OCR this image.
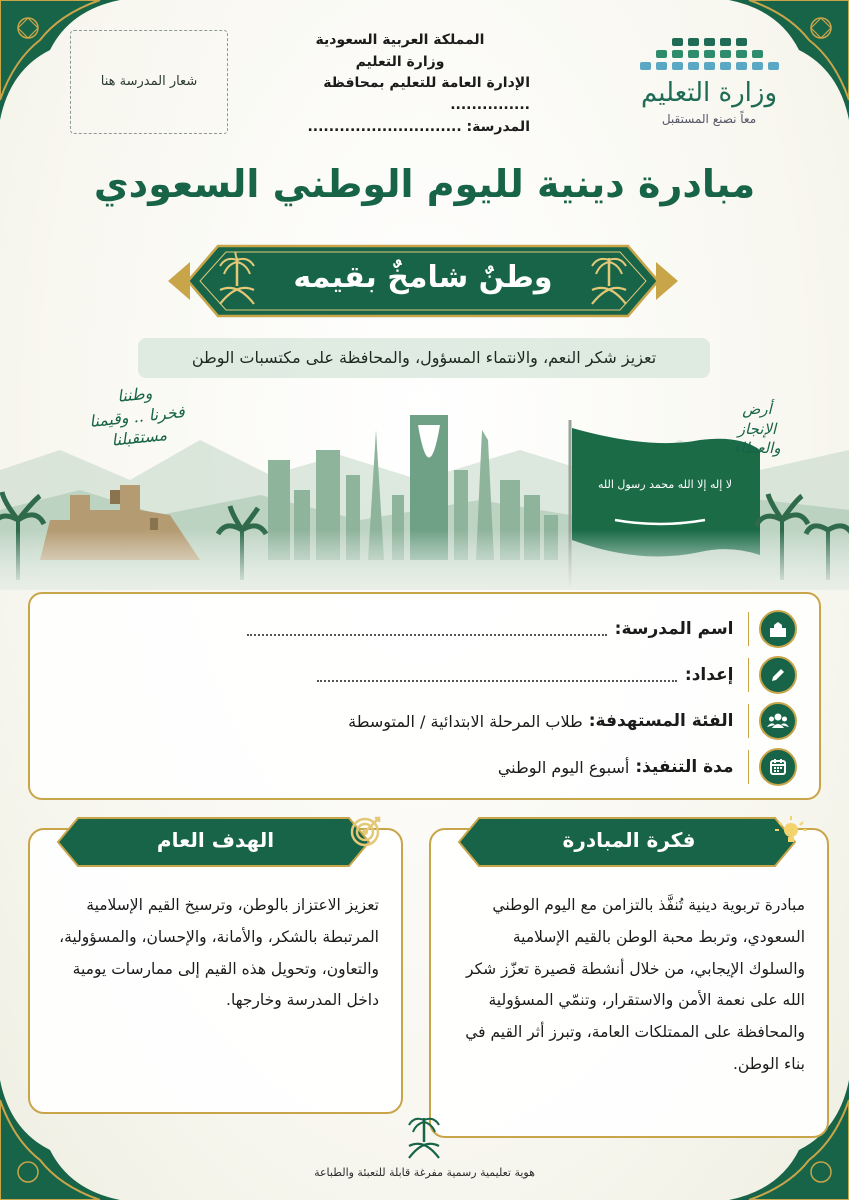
وزارة التعليم
معاً نصنع المستقبل
المملكة العربية السعودية
وزارة التعليم
الإدارة العامة للتعليم بمحافظة ...............
المدرسة: .............................
شعار المدرسة هنا
مبادرة دينية لليوم الوطني السعودي
وطنٌ شامخٌ بقيمه
تعزيز شكر النعم، والانتماء المسؤول، والمحافظة على مكتسبات الوطن
لا إله إلا الله محمد رسول الله
وطننا
فخرنا .. وقيمنا
مستقبلنا
أرض
الإنجاز
والعطاء
اسم المدرسة:
إعداد:
الفئة المستهدفة:
طلاب المرحلة الابتدائية / المتوسطة
مدة التنفيذ:
أسبوع اليوم الوطني
فكرة المبادرة
مبادرة تربوية دينية تُنفَّذ بالتزامن مع اليوم الوطني السعودي، وتربط محبة الوطن بالقيم الإسلامية والسلوك الإيجابي، من خلال أنشطة قصيرة تعزّز شكر الله على نعمة الأمن والاستقرار، وتنمّي المسؤولية والمحافظة على الممتلكات العامة، وتبرز أثر القيم في بناء الوطن.
الهدف العام
تعزيز الاعتزاز بالوطن، وترسيخ القيم الإسلامية المرتبطة بالشكر، والأمانة، والإحسان، والمسؤولية، والتعاون، وتحويل هذه القيم إلى ممارسات يومية داخل المدرسة وخارجها.
هوية تعليمية رسمية مفرغة قابلة للتعبئة والطباعة
